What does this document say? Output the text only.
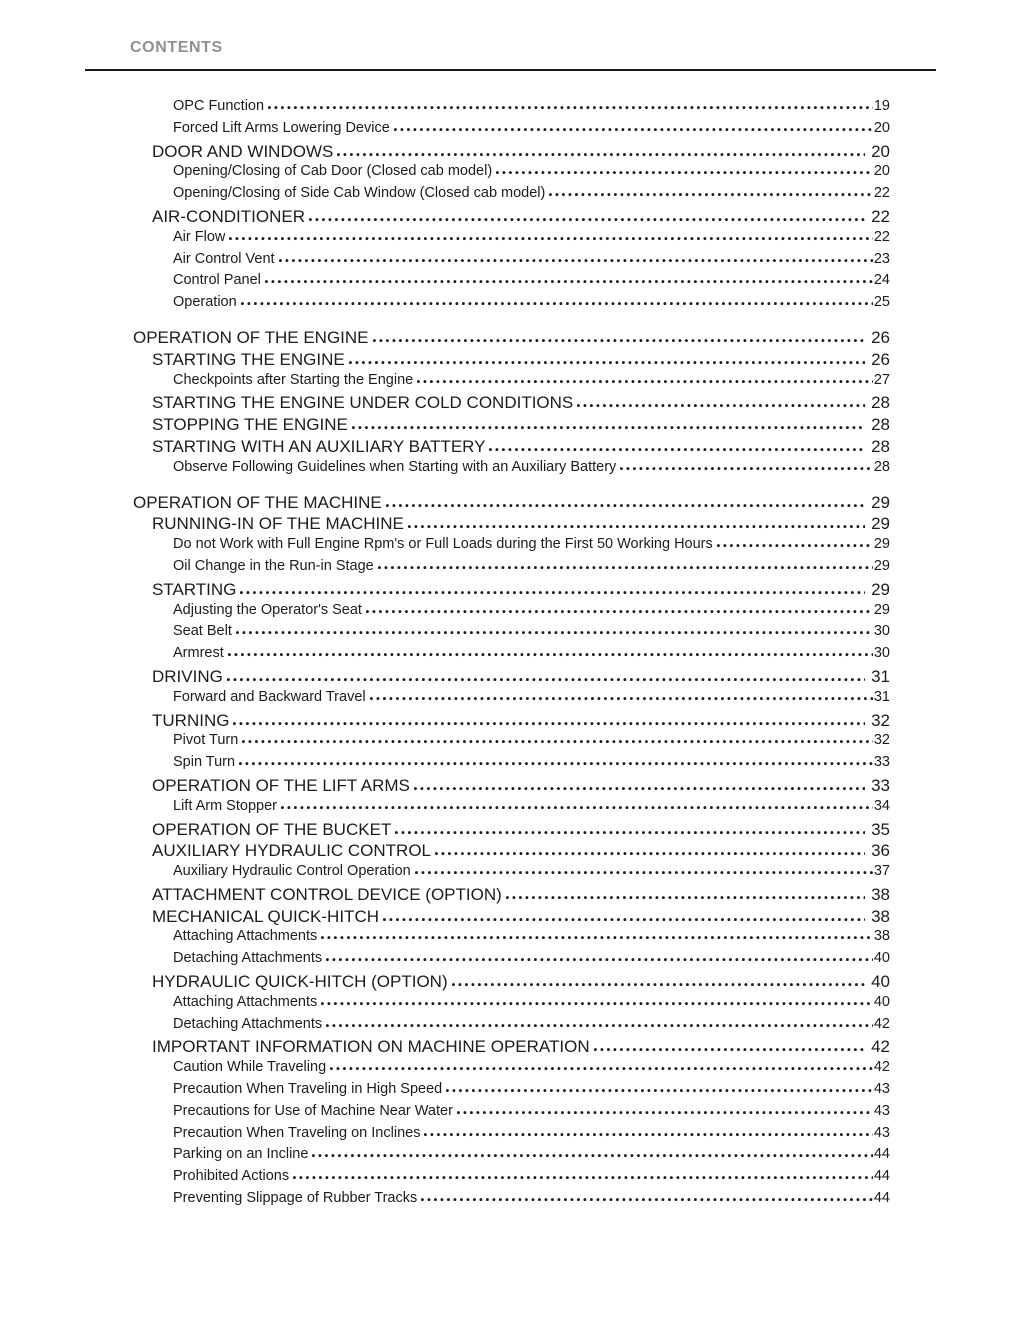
CONTENTS
OPC Function	19
Forced Lift Arms Lowering Device	20
DOOR AND WINDOWS	20
Opening/Closing of Cab Door (Closed cab model)	20
Opening/Closing of Side Cab Window (Closed cab model)	22
AIR-CONDITIONER	22
Air Flow	22
Air Control Vent	23
Control Panel	24
Operation	25
OPERATION OF THE ENGINE	26
STARTING THE ENGINE	26
Checkpoints after Starting the Engine	27
STARTING THE ENGINE UNDER COLD CONDITIONS	28
STOPPING THE ENGINE	28
STARTING WITH AN AUXILIARY BATTERY	28
Observe Following Guidelines when Starting with an Auxiliary Battery	28
OPERATION OF THE MACHINE	29
RUNNING-IN OF THE MACHINE	29
Do not Work with Full Engine Rpm's or Full Loads during the First 50 Working Hours	29
Oil Change in the Run-in Stage	29
STARTING	29
Adjusting the Operator's Seat	29
Seat Belt	30
Armrest	30
DRIVING	31
Forward and Backward Travel	31
TURNING	32
Pivot Turn	32
Spin Turn	33
OPERATION OF THE LIFT ARMS	33
Lift Arm Stopper	34
OPERATION OF THE BUCKET	35
AUXILIARY HYDRAULIC CONTROL	36
Auxiliary Hydraulic Control Operation	37
ATTACHMENT CONTROL DEVICE (OPTION)	38
MECHANICAL QUICK-HITCH	38
Attaching Attachments	38
Detaching Attachments	40
HYDRAULIC QUICK-HITCH (OPTION)	40
Attaching Attachments	40
Detaching Attachments	42
IMPORTANT INFORMATION ON MACHINE OPERATION	42
Caution While Traveling	42
Precaution When Traveling in High Speed	43
Precautions for Use of Machine Near Water	43
Precaution When Traveling on Inclines	43
Parking on an Incline	44
Prohibited Actions	44
Preventing Slippage of Rubber Tracks	44
